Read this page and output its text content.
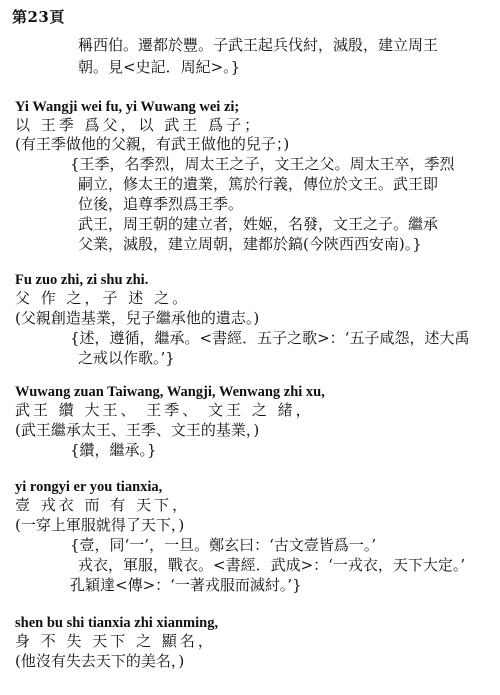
第23頁
稱西伯。遷都於豐。子武王起兵伐紂，滅殷，建立周王
朝。見<史記．周紀>。}
Yi Wangji wei fu, yi Wuwang wei zi;
以 王季 爲父，以 武王 爲子；
(有王季做他的父親，有武王做他的兒子；)
{王季，名季烈，周太王之子，文王之父。周太王卒，季烈
嗣立，修太王的遺業，篤於行義，傳位於文王。武王即
位後，追尊季烈爲王季。
武王，周王朝的建立者，姓姬，名發，文王之子。繼承
父業，滅殷，建立周朝，建都於鎬(今陝西西安南)。}
Fu zuo zhi, zi shu zhi.
父 作 之，子 述 之。
(父親創造基業，兒子繼承他的遺志。)
{述，遵循，繼承。<書經．五子之歌>：‘五子咸怨，述大禹
之戒以作歌。’}
Wuwang zuan Taiwang, Wangji, Wenwang zhi xu,
武王 纘 大王、 王季、 文王 之 緒，
(武王繼承太王、王季、文王的基業，)
{纘，繼承。}
yi rongyi er you tianxia,
壹 戎衣 而 有 天下，
(一穿上軍服就得了天下，)
{壹，同‘一’，一旦。鄭玄曰：‘古文壹皆爲一。’
戎衣，軍服，戰衣。<書經．武成>：‘一戎衣，天下大定。’
孔穎達<傳>：‘一著戎服而滅紂。’}
shen bu shi tianxia zhi xianming,
身 不 失 天下 之 顯名，
(他沒有失去天下的美名，)
